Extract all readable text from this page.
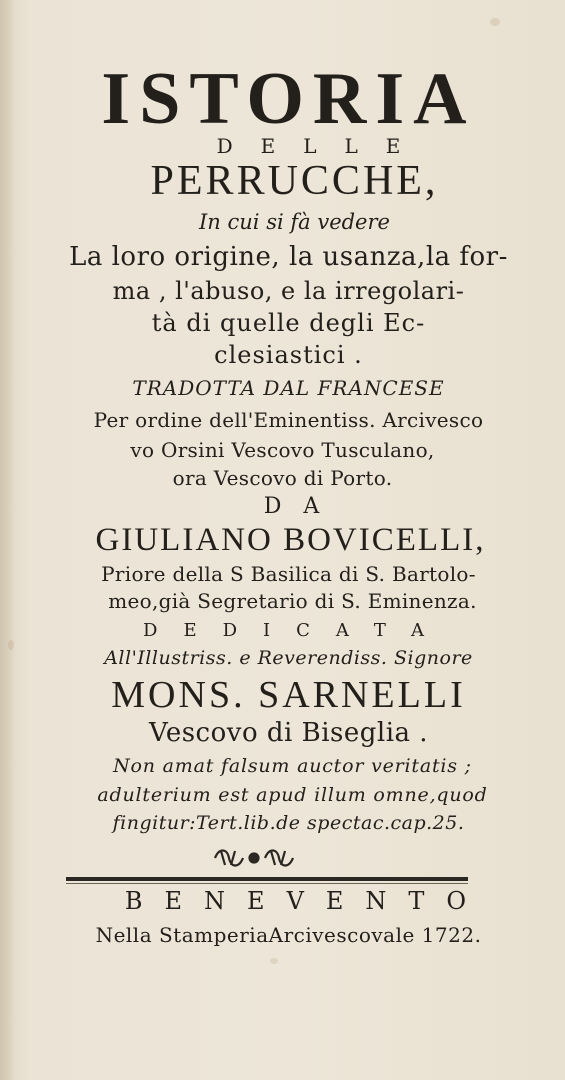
ISTORIA
DELLE
PERRUCCHE,
In cui si fà vedere
La loro origine, la usanza,la for-
ma , l'abuso, e la irregolari-
tà di quelle degli Ec-
clesiastici .
TRADOTTA DAL FRANCESE
Per ordine dell'Eminentiss. Arcivesco
vo Orsini Vescovo Tusculano,
ora Vescovo di Porto.
DA
GIULIANO BOVICELLI,
Priore della S Basilica di S. Bartolo-
meo,già Segretario di S. Eminenza.
DEDICATA
All'Illustriss. e Reverendiss. Signore
MONS. SARNELLI
Vescovo di Biseglia .
Non amat falsum auctor veritatis ;
adulterium est apud illum omne,quod
fingitur:Tert.lib.de spectac.cap.25.
BENEVENTO
Nella StamperiaArcivescovale 1722.
